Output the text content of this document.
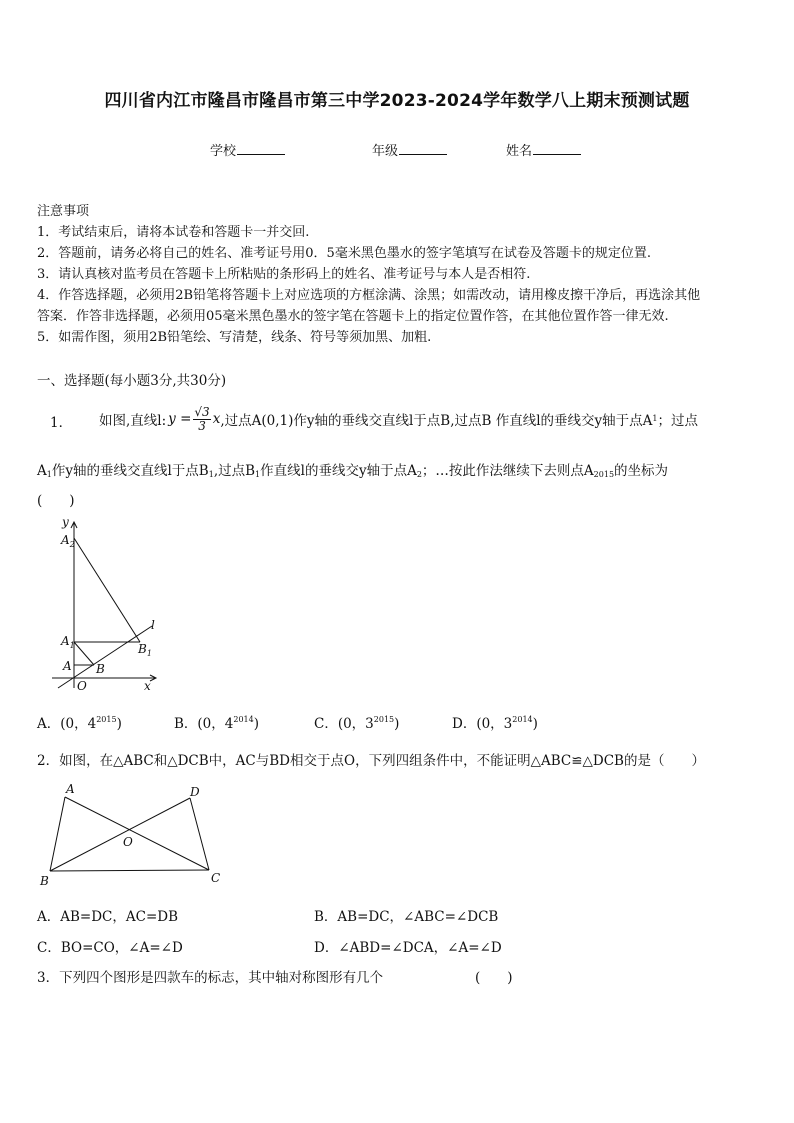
四川省内江市隆昌市隆昌市第三中学2023-2024学年数学八上期末预测试题
学校	年级	姓名
注意事项
1．考试结束后，请将本试卷和答题卡一并交回.
2．答题前，请务必将自己的姓名、准考证号用0．5毫米黑色墨水的签字笔填写在试卷及答题卡的规定位置.
3．请认真核对监考员在答题卡上所粘贴的条形码上的姓名、准考证号与本人是否相符.
4．作答选择题，必须用2B铅笔将答题卡上对应选项的方框涂满、涂黑；如需改动，请用橡皮擦干净后，再选涂其他
答案．作答非选择题，必须用05毫米黑色墨水的签字笔在答题卡上的指定位置作答，在其他位置作答一律无效.
5．如需作图，须用2B铅笔绘、写清楚，线条、符号等须加黑、加粗.
一、选择题(每小题3分,共30分)
1． 如图,直线l: $y = \frac{√3}{3}$ x ,过点A(0,1)作y轴的垂线交直线l于点B,过点B 作直线l的垂线交y轴于点A 1 ；过点
$A_1$作y轴的垂线交直线l于点$B_1$,过点$B_1$作直线l的垂线交y轴于点$A_2$；…按此作法继续下去则点$A_{2015}$的坐标为
(　　)
y
x
$A_2$
$A_1$
A B
$B_1$
O
l
A．(0，$4^{2015}$)	B．(0，$4^{2014}$)	C．(0，$3^{2015}$)	D．(0，$3^{2014}$)
2．如图，在△ABC和△DCB中，AC与BD相交于点O，下列四组条件中，不能证明△ABC≌△DCB的是（　　）
A	D
O
B	C
A．AB=DC，AC=DB	B．AB=DC，∠ABC=∠DCB
C．BO=CO，∠A=∠D	D．∠ABD=∠DCA，∠A=∠D
3．下列四个图形是四款车的标志，其中轴对称图形有几个	(　　)
